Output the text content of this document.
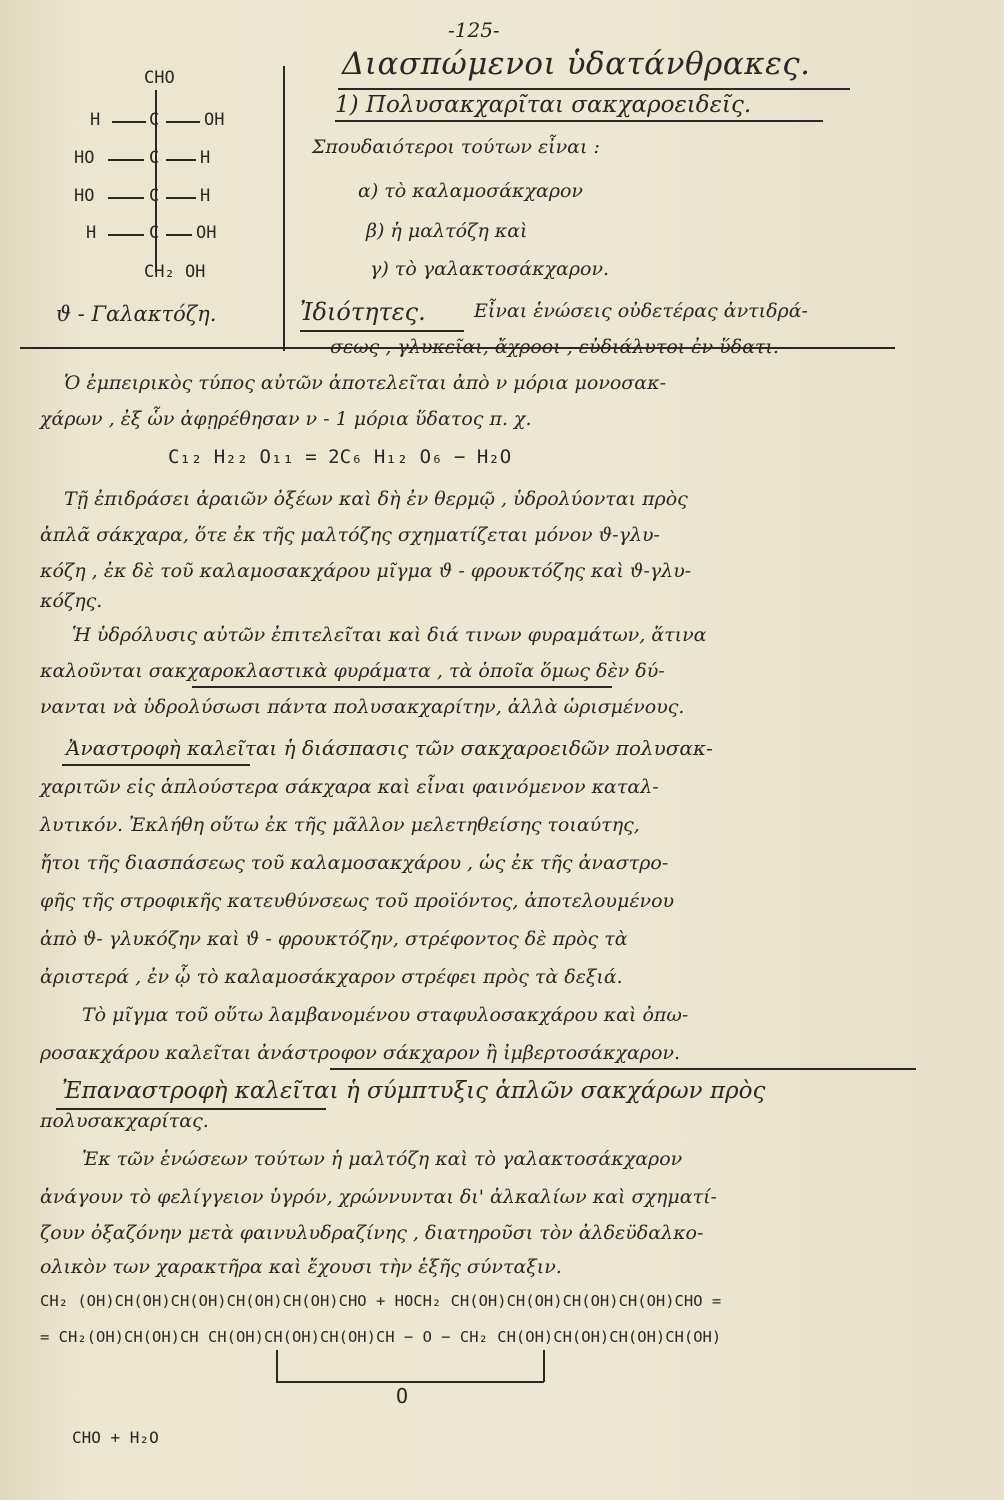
-125-
Διασπώμενοι ὑδατάνθρακες.
1) Πολυσακχαρῖται σακχαροειδεῖς.
CHO
H	C	OH
HO	C H
HO	C H
H	C OH
CH₂ OH
ϑ - Γαλακτόζη.
Σπουδαιότεροι τούτων εἶναι :
α) τὸ καλαμοσάκχαρον
β) ἡ μαλτόζη καὶ
γ) τὸ γαλακτοσάκχαρον.
Ἰδιότητες.	Εἶναι ἑνώσεις οὐδετέρας ἀντιδρά-
σεως , γλυκεῖαι, ἄχροοι , εὐδιάλυτοι ἐν ὕδατι.
Ὁ ἐμπειρικὸς τύπος αὐτῶν ἀποτελεῖται ἀπὸ ν μόρια μονοσακ-
χάρων , ἐξ ὧν ἀφῃρέθησαν ν - 1 μόρια ὕδατος π. χ.
C₁₂ H₂₂ O₁₁ = 2C₆ H₁₂ O₆ − H₂O
Τῇ ἐπιδράσει ἀραιῶν ὀξέων καὶ δὴ ἐν θερμῷ , ὑδρολύονται πρὸς
ἁπλᾶ σάκχαρα, ὅτε ἐκ τῆς μαλτόζης σχηματίζεται μόνον ϑ-γλυ-
κόζη , ἐκ δὲ τοῦ καλαμοσακχάρου μῖγμα ϑ - φρουκτόζης καὶ ϑ-γλυ-
κόζης.
Ἡ ὑδρόλυσις αὐτῶν ἐπιτελεῖται καὶ διά τινων φυραμάτων, ἅτινα
καλοῦνται σακχαροκλαστικὰ φυράματα , τὰ ὁποῖα ὅμως δὲν δύ-
νανται νὰ ὑδρολύσωσι πάντα πολυσακχαρίτην, ἀλλὰ ὡρισμένους.
Ἀναστροφὴ καλεῖται ἡ διάσπασις τῶν σακχαροειδῶν πολυσακ-
χαριτῶν εἰς ἁπλούστερα σάκχαρα καὶ εἶναι φαινόμενον καταλ-
λυτικόν. Ἐκλήθη οὕτω ἐκ τῆς μᾶλλον μελετηθείσης τοιαύτης,
ἤτοι τῆς διασπάσεως τοῦ καλαμοσακχάρου , ὡς ἐκ τῆς ἀναστρο-
φῆς τῆς στροφικῆς κατευθύνσεως τοῦ προϊόντος, ἀποτελουμένου
ἀπὸ ϑ- γλυκόζην καὶ ϑ - φρουκτόζην, στρέφοντος δὲ πρὸς τὰ
ἀριστερά , ἐν ᾧ τὸ καλαμοσάκχαρον στρέφει πρὸς τὰ δεξιά.
Τὸ μῖγμα τοῦ οὕτω λαμβανομένου σταφυλοσακχάρου καὶ ὀπω-
ροσακχάρου καλεῖται ἀνάστροφον σάκχαρον ἢ ἰμβερτοσάκχαρον.
Ἐπαναστροφὴ καλεῖται ἡ σύμπτυξις ἁπλῶν σακχάρων πρὸς
πολυσακχαρίτας.
Ἐκ τῶν ἑνώσεων τούτων ἡ μαλτόζη καὶ τὸ γαλακτοσάκχαρον
ἀνάγουν τὸ φελίγγειον ὑγρόν, χρώννυνται δι' ἀλκαλίων καὶ σχηματί-
ζουν ὀξαζόνην μετὰ φαινυλυδραζίνης , διατηροῦσι τὸν ἀλδεϋδαλκο-
ολικὸν των χαρακτῆρα καὶ ἔχουσι τὴν ἑξῆς σύνταξιν.
CH₂ (OH)CH(OH)CH(OH)CH(OH)CH(OH)CHO + HOCH₂ CH(OH)CH(OH)CH(OH)CH(OH)CHO =
= CH₂(OH)CH(OH)CH CH(OH)CH(OH)CH(OH)CH − O − CH₂ CH(OH)CH(OH)CH(OH)CH(OH)
O
CHO + H₂O
